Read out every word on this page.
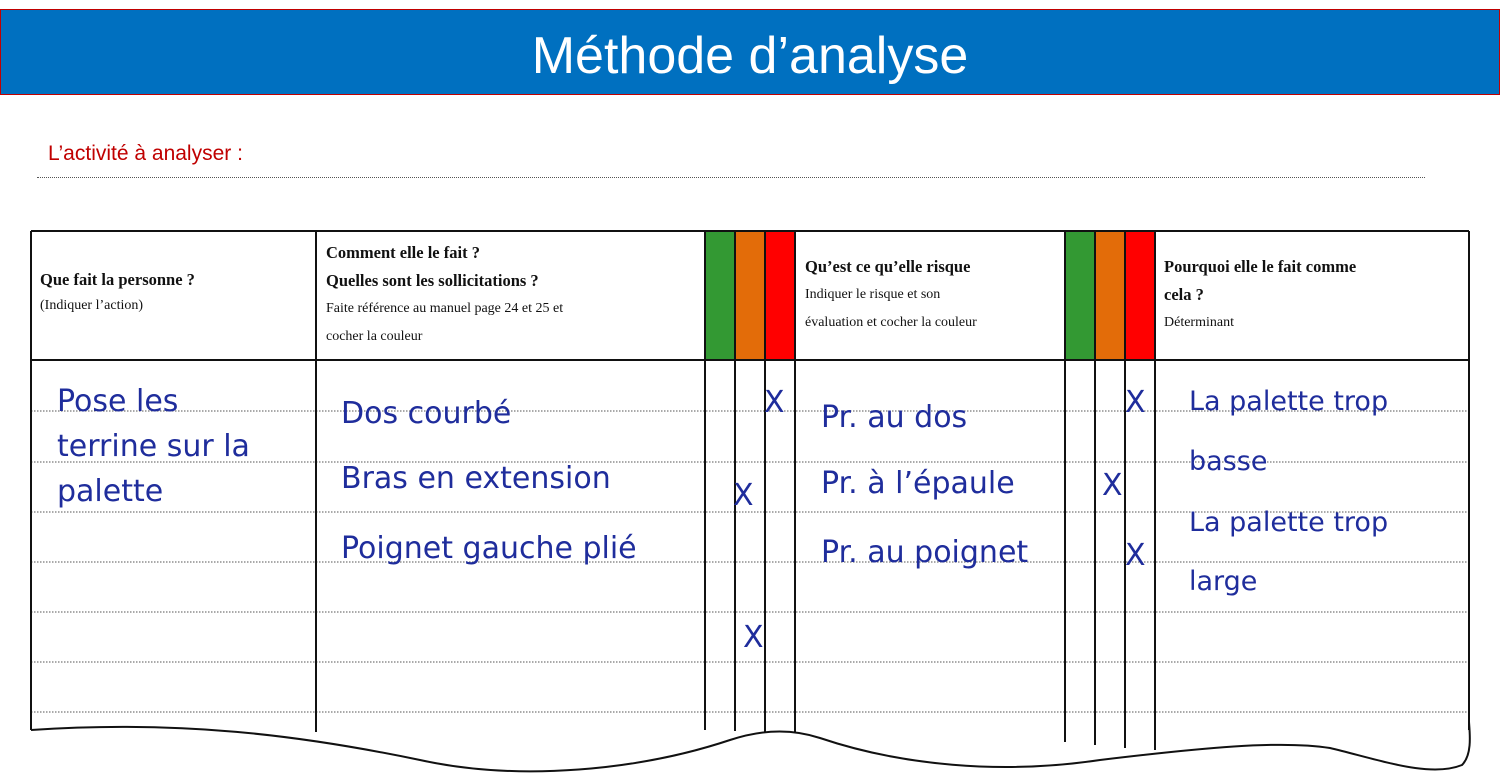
Méthode d’analyse
L’activité à analyser :
Que fait la personne ?
(Indiquer l’action)
Comment elle le fait ?
Quelles sont les sollicitations ?
Faite référence au manuel page 24 et 25 et
cocher la couleur
Qu’est ce qu’elle risque
Indiquer le risque et son
évaluation et cocher la couleur
Pourquoi elle le fait comme
cela ?
Déterminant
Pose les
terrine sur la
palette
Dos courbé
Bras en extension
Poignet gauche plié
Pr. au dos
Pr. à l’épaule
Pr. au poignet
La palette trop
basse
La palette trop
large
X
X
X
X
X
X
